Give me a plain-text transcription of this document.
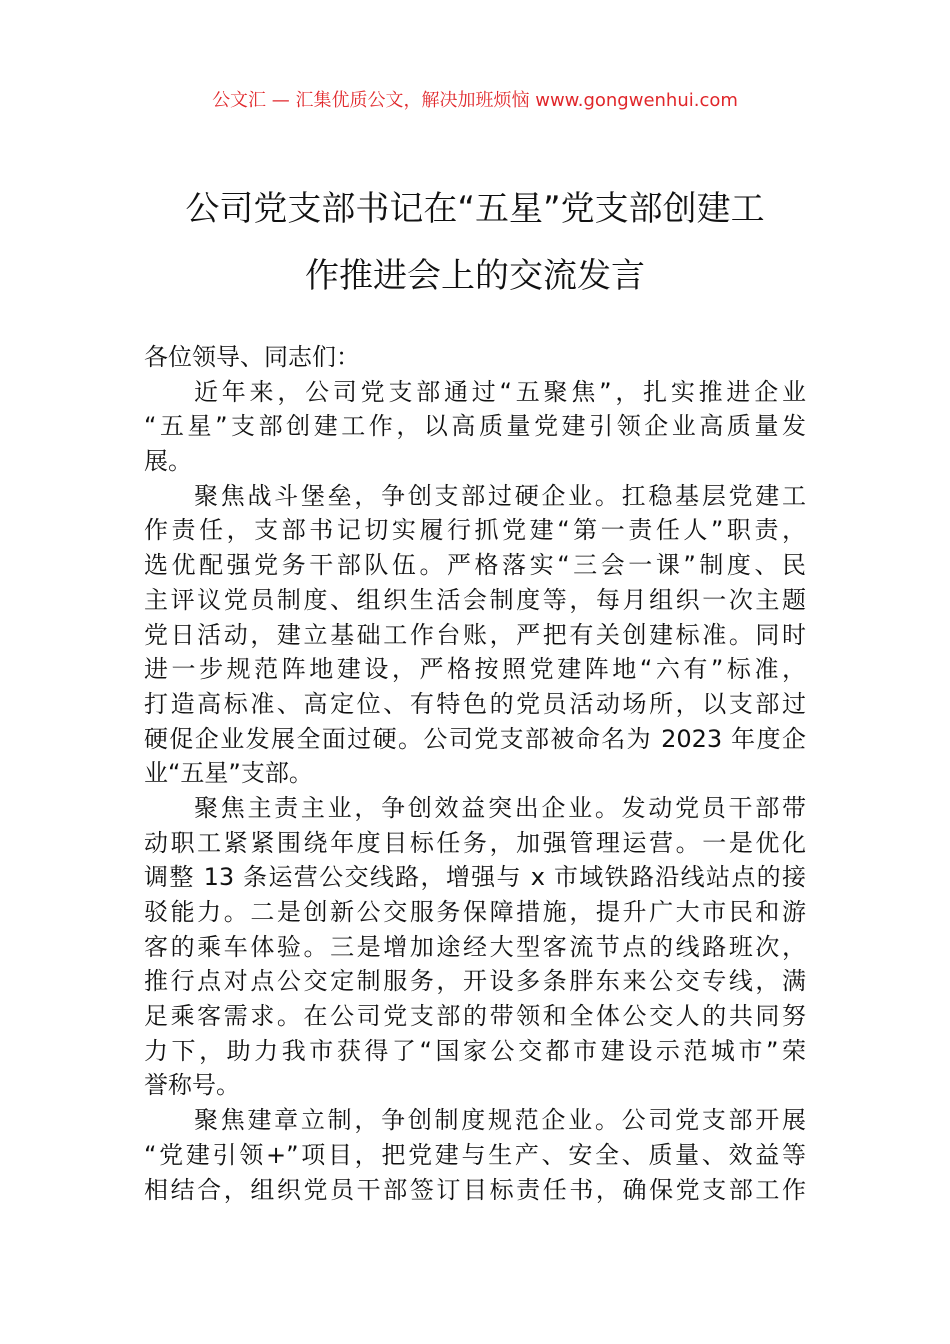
公文汇 — 汇集优质公文，解决加班烦恼 www.gongwenhui.com
公司党支部书记在“五星”党支部创建工
作推进会上的交流发言
各位领导、同志们：
近年来，公司党支部通过“五聚焦”，扎实推进企业
“五星”支部创建工作，以高质量党建引领企业高质量发
展。
聚焦战斗堡垒，争创支部过硬企业。扛稳基层党建工
作责任，支部书记切实履行抓党建“第一责任人”职责，
选优配强党务干部队伍。严格落实“三会一课”制度、民
主评议党员制度、组织生活会制度等，每月组织一次主题
党日活动，建立基础工作台账，严把有关创建标准。同时
进一步规范阵地建设，严格按照党建阵地“六有”标准，
打造高标准、高定位、有特色的党员活动场所，以支部过
硬促企业发展全面过硬。公司党支部被命名为 2023 年度企
业“五星”支部。
聚焦主责主业，争创效益突出企业。发动党员干部带
动职工紧紧围绕年度目标任务，加强管理运营。一是优化
调整 13 条运营公交线路，增强与 x 市域铁路沿线站点的接
驳能力。二是创新公交服务保障措施，提升广大市民和游
客的乘车体验。三是增加途经大型客流节点的线路班次，
推行点对点公交定制服务，开设多条胖东来公交专线，满
足乘客需求。在公司党支部的带领和全体公交人的共同努
力下，助力我市获得了“国家公交都市建设示范城市”荣
誉称号。
聚焦建章立制，争创制度规范企业。公司党支部开展
“党建引领+”项目，把党建与生产、安全、质量、效益等
相结合，组织党员干部签订目标责任书，确保党支部工作
